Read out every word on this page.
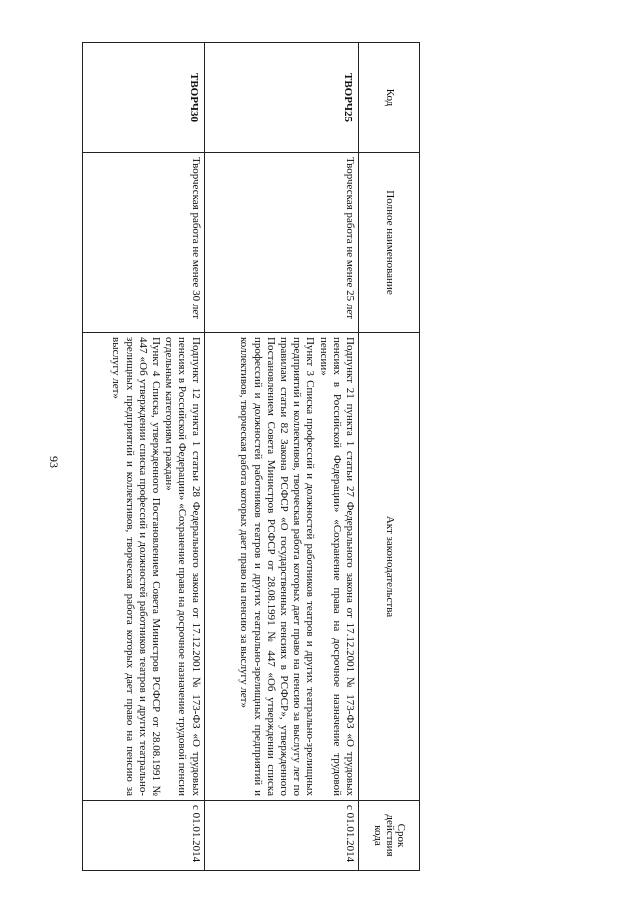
93
Код	Полное наименование	Акт законодательства	Срок
действия кода
ТВОРЧ25	Творческая работа не менее 25 лет	Подпункт 21 пункта 1 статьи 27 Федерального закона от 17.12.2001 № 173-ФЗ «О трудовых пенсиях в Российской Федерации» «Сохранение права на досрочное назначение трудовой пенсии»

Пункт 3 Списка профессий и должностей работников театров и других театрально-зрелищных предприятий и коллективов, творческая работа которых дает право на пенсию за выслугу лет по правилам статьи 82 Закона РСФСР «О государственных пенсиях в РСФСР», утвержденного Постановлением Совета Министров РСФСР от 28.08.1991 № 447 «Об утверждении списка профессий и должностей работников театров и других театрально-зрелищных предприятий и коллективов, творческая работа которых дает право на пенсию за выслугу лет»	с 01.01.2014
ТВОРЧ30	Творческая работа не менее 30 лет	Подпункт 12 пункта 1 статьи 28 Федерального закона от 17.12.2001 № 173-ФЗ «О трудовых пенсиях в Российской Федерации» «Сохранение права на досрочное назначение трудовой пенсии отдельным категориям граждан»

Пункт 4 Списка, утвержденного Постановлением Совета Министров РСФСР от 28.08.1991 № 447 «Об утверждении списка профессий и должностей работников театров и других театрально-зрелищных предприятий и коллективов, творческая работа которых дает право на пенсию за выслугу лет»	с 01.01.2014
